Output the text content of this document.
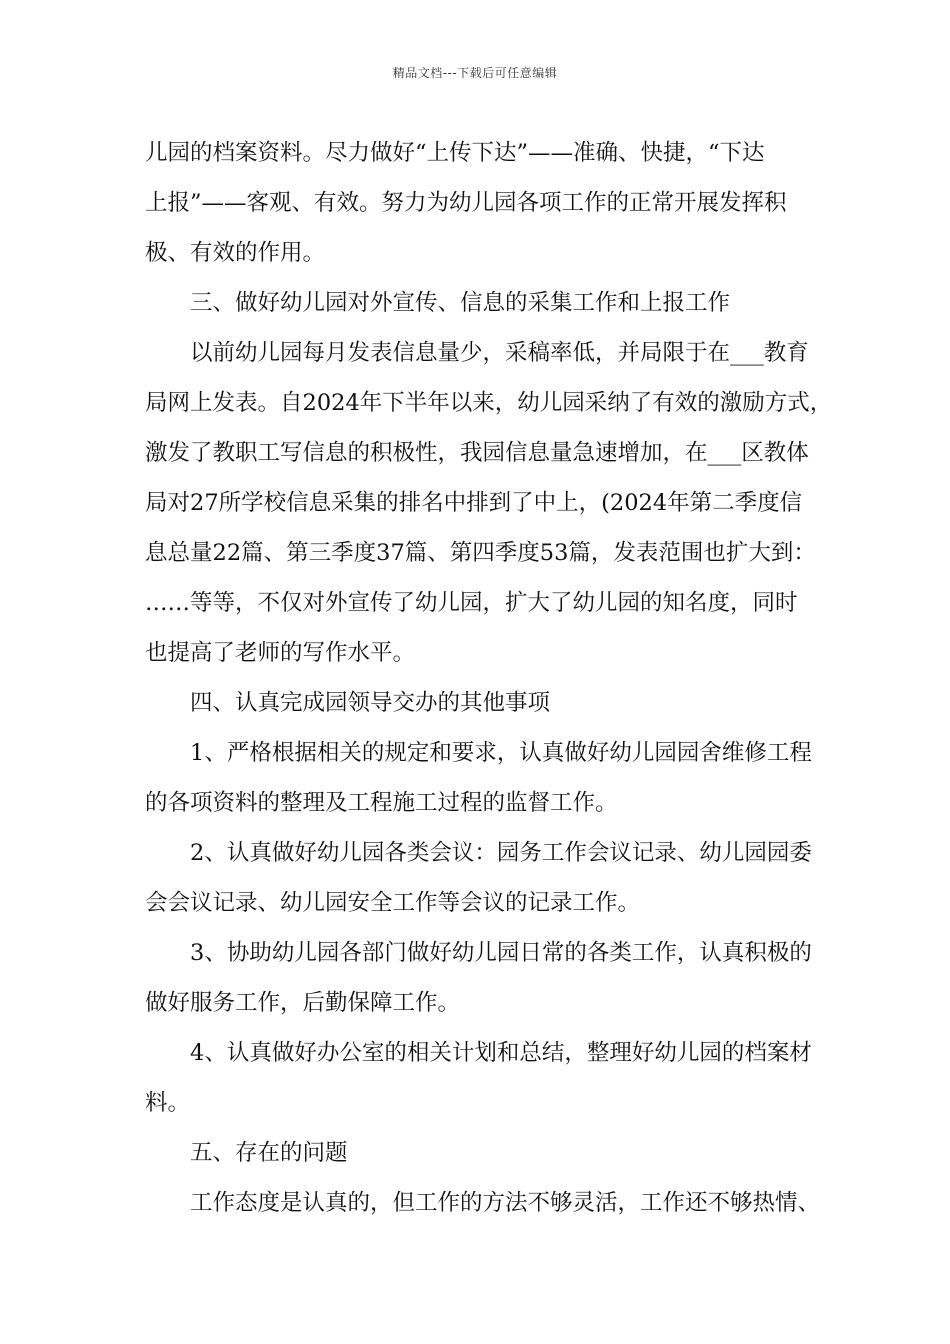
精品文档---下载后可任意编辑

儿园的档案资料。尽力做好“上传下达”——准确、快捷，“下达
上报”——客观、有效。努力为幼儿园各项工作的正常开展发挥积
极、有效的作用。

三、做好幼儿园对外宣传、信息的采集工作和上报工作

以前幼儿园每月发表信息量少，采稿率低，并局限于在___教育
局网上发表。自2024年下半年以来，幼儿园采纳了有效的激励方式，
激发了教职工写信息的积极性，我园信息量急速增加，在___区教体
局对27所学校信息采集的排名中排到了中上，(2024年第二季度信
息总量22篇、第三季度37篇、第四季度53篇，发表范围也扩大到：
……等等，不仅对外宣传了幼儿园，扩大了幼儿园的知名度，同时
也提高了老师的写作水平。

四、认真完成园领导交办的其他事项

1、严格根据相关的规定和要求，认真做好幼儿园园舍维修工程
的各项资料的整理及工程施工过程的监督工作。

2、认真做好幼儿园各类会议：园务工作会议记录、幼儿园园委
会会议记录、幼儿园安全工作等会议的记录工作。

3、协助幼儿园各部门做好幼儿园日常的各类工作，认真积极的
做好服务工作，后勤保障工作。

4、认真做好办公室的相关计划和总结，整理好幼儿园的档案材
料。

五、存在的问题

工作态度是认真的，但工作的方法不够灵活，工作还不够热情、
